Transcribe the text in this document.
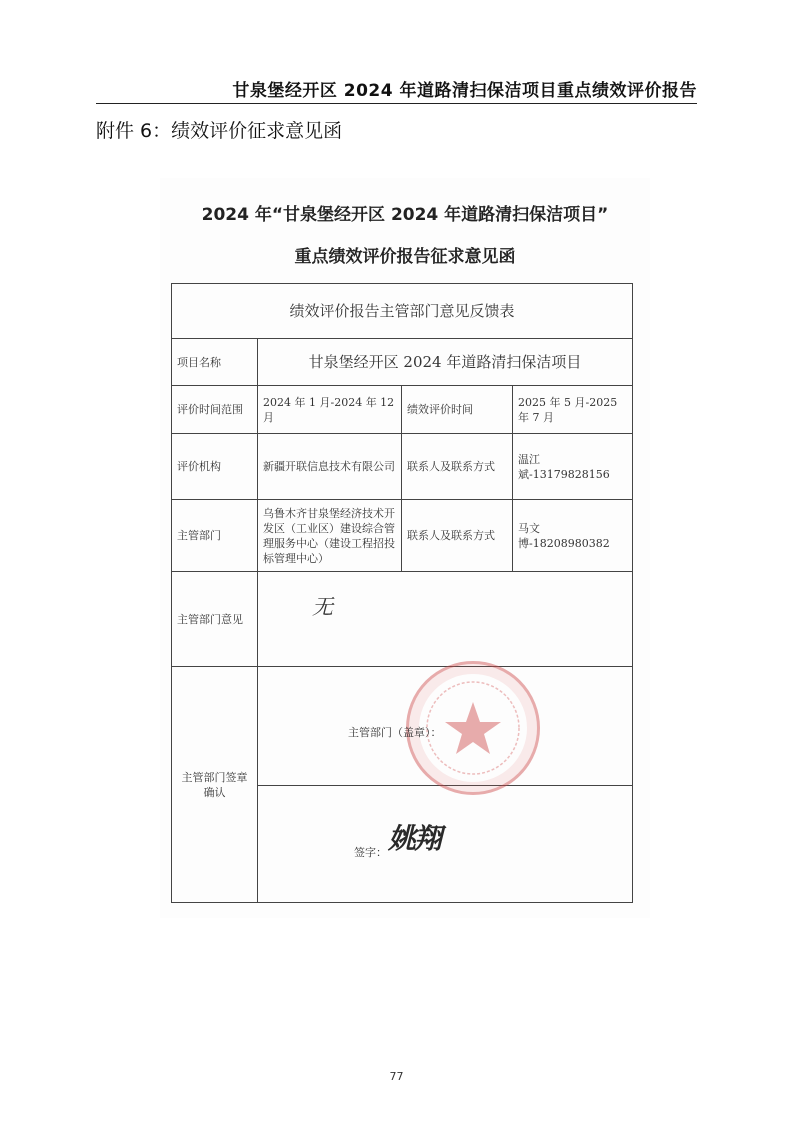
甘泉堡经开区 2024 年道路清扫保洁项目重点绩效评价报告
附件 6：绩效评价征求意见函
2024 年“甘泉堡经开区 2024 年道路清扫保洁项目”
重点绩效评价报告征求意见函
绩效评价报告主管部门意见反馈表			
项目名称	甘泉堡经开区 2024 年道路清扫保洁项目		
评价时间范围	2024 年 1 月-2024 年 12 月	绩效评价时间	2025 年 5 月-2025 年 7 月
评价机构	新疆开联信息技术有限公司	联系人及联系方式	温江斌-13179828156
主管部门	乌鲁木齐甘泉堡经济技术开发区（工业区）建设综合管理服务中心（建设工程招投标管理中心）	联系人及联系方式	马文博-18208980382
主管部门意见	无		

主管部门签章确认	主管部门（盖章）：
签字： 姚翔		
77
